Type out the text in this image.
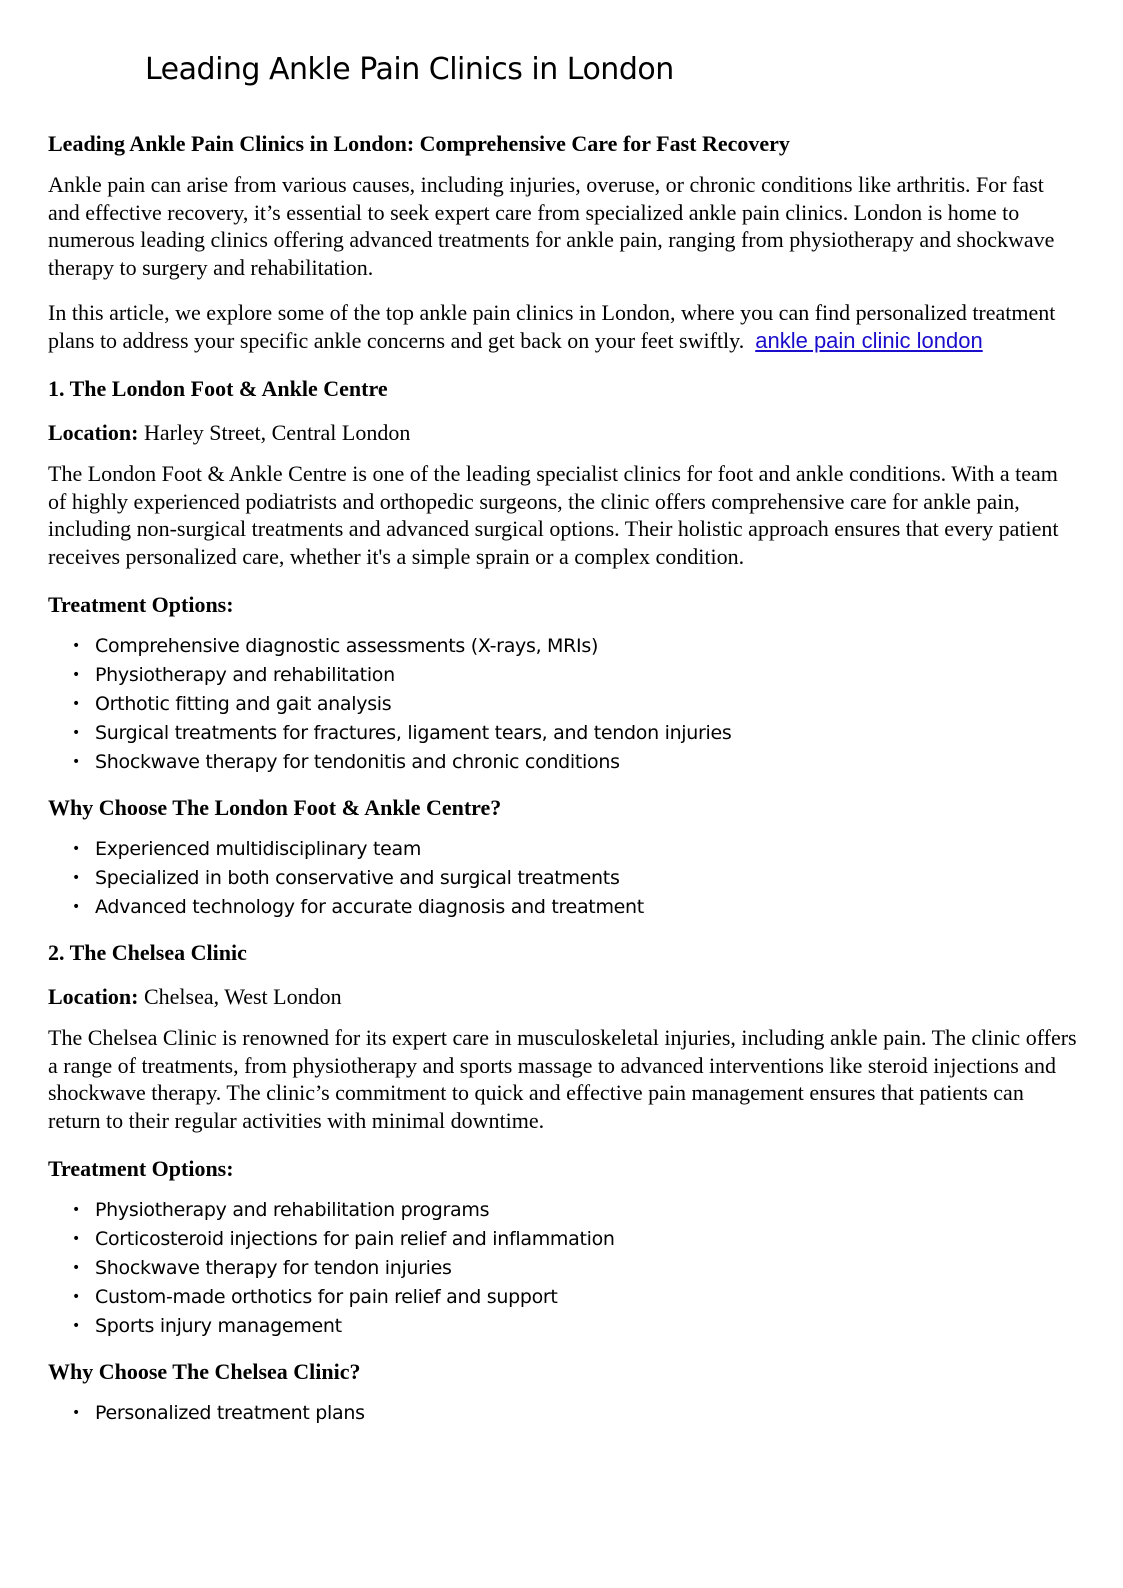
Leading Ankle Pain Clinics in London
Leading Ankle Pain Clinics in London: Comprehensive Care for Fast Recovery

Ankle pain can arise from various causes, including injuries, overuse, or chronic conditions like arthritis. For fast and effective recovery, it’s essential to seek expert care from specialized ankle pain clinics. London is home to numerous leading clinics offering advanced treatments for ankle pain, ranging from physiotherapy and shockwave therapy to surgery and rehabilitation.

In this article, we explore some of the top ankle pain clinics in London, where you can find personalized treatment plans to address your specific ankle concerns and get back on your feet swiftly. ankle pain clinic london

1. The London Foot & Ankle Centre

Location: Harley Street, Central London

The London Foot & Ankle Centre is one of the leading specialist clinics for foot and ankle conditions. With a team of highly experienced podiatrists and orthopedic surgeons, the clinic offers comprehensive care for ankle pain, including non-surgical treatments and advanced surgical options. Their holistic approach ensures that every patient receives personalized care, whether it's a simple sprain or a complex condition.

Treatment Options:
• Comprehensive diagnostic assessments (X-rays, MRIs)
• Physiotherapy and rehabilitation
• Orthotic fitting and gait analysis
• Surgical treatments for fractures, ligament tears, and tendon injuries
• Shockwave therapy for tendonitis and chronic conditions
Why Choose The London Foot & Ankle Centre?
• Experienced multidisciplinary team
• Specialized in both conservative and surgical treatments
• Advanced technology for accurate diagnosis and treatment
2. The Chelsea Clinic

Location: Chelsea, West London

The Chelsea Clinic is renowned for its expert care in musculoskeletal injuries, including ankle pain. The clinic offers a range of treatments, from physiotherapy and sports massage to advanced interventions like steroid injections and shockwave therapy. The clinic’s commitment to quick and effective pain management ensures that patients can return to their regular activities with minimal downtime.

Treatment Options:
• Physiotherapy and rehabilitation programs
• Corticosteroid injections for pain relief and inflammation
• Shockwave therapy for tendon injuries
• Custom-made orthotics for pain relief and support
• Sports injury management
Why Choose The Chelsea Clinic?
• Personalized treatment plans
